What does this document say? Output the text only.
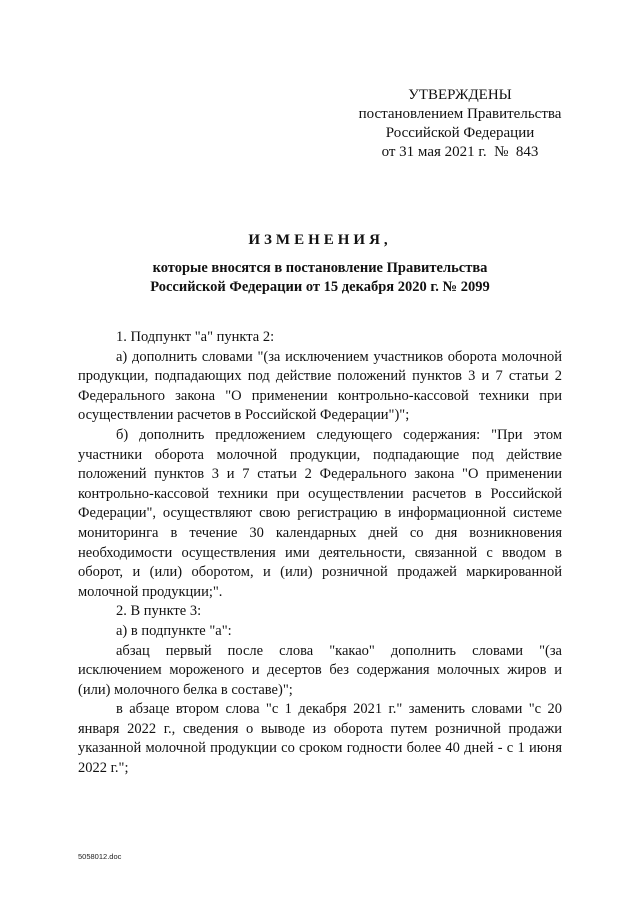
УТВЕРЖДЕНЫ
постановлением Правительства
Российской Федерации
от 31 мая 2021 г.  №  843
ИЗМЕНЕНИЯ,
которые вносятся в постановление Правительства
Российской Федерации от 15 декабря 2020 г. № 2099

1. Подпункт "а" пункта 2:

а) дополнить словами "(за исключением участников оборота молочной продукции, подпадающих под действие положений пунктов 3 и 7 статьи 2 Федерального закона "О применении контрольно-кассовой техники при осуществлении расчетов в Российской Федерации")";

б) дополнить предложением следующего содержания: "При этом участники оборота молочной продукции, подпадающие под действие положений пунктов 3 и 7 статьи 2 Федерального закона "О применении контрольно-кассовой техники при осуществлении расчетов в Российской Федерации", осуществляют свою регистрацию в информационной системе мониторинга в течение 30 календарных дней со дня возникновения необходимости осуществления ими деятельности, связанной с вводом в оборот, и (или) оборотом, и (или) розничной продажей маркированной молочной продукции;".

2. В пункте 3:

а) в подпункте "а":

абзац первый после слова "какао" дополнить словами "(за исключением мороженого и десертов без содержания молочных жиров и (или) молочного белка в составе)";

в абзаце втором слова "с 1 декабря 2021 г." заменить словами "с 20 января 2022 г., сведения о выводе из оборота путем розничной продажи указанной молочной продукции со сроком годности более 40 дней - с 1 июня 2022 г.";

5058012.doc
